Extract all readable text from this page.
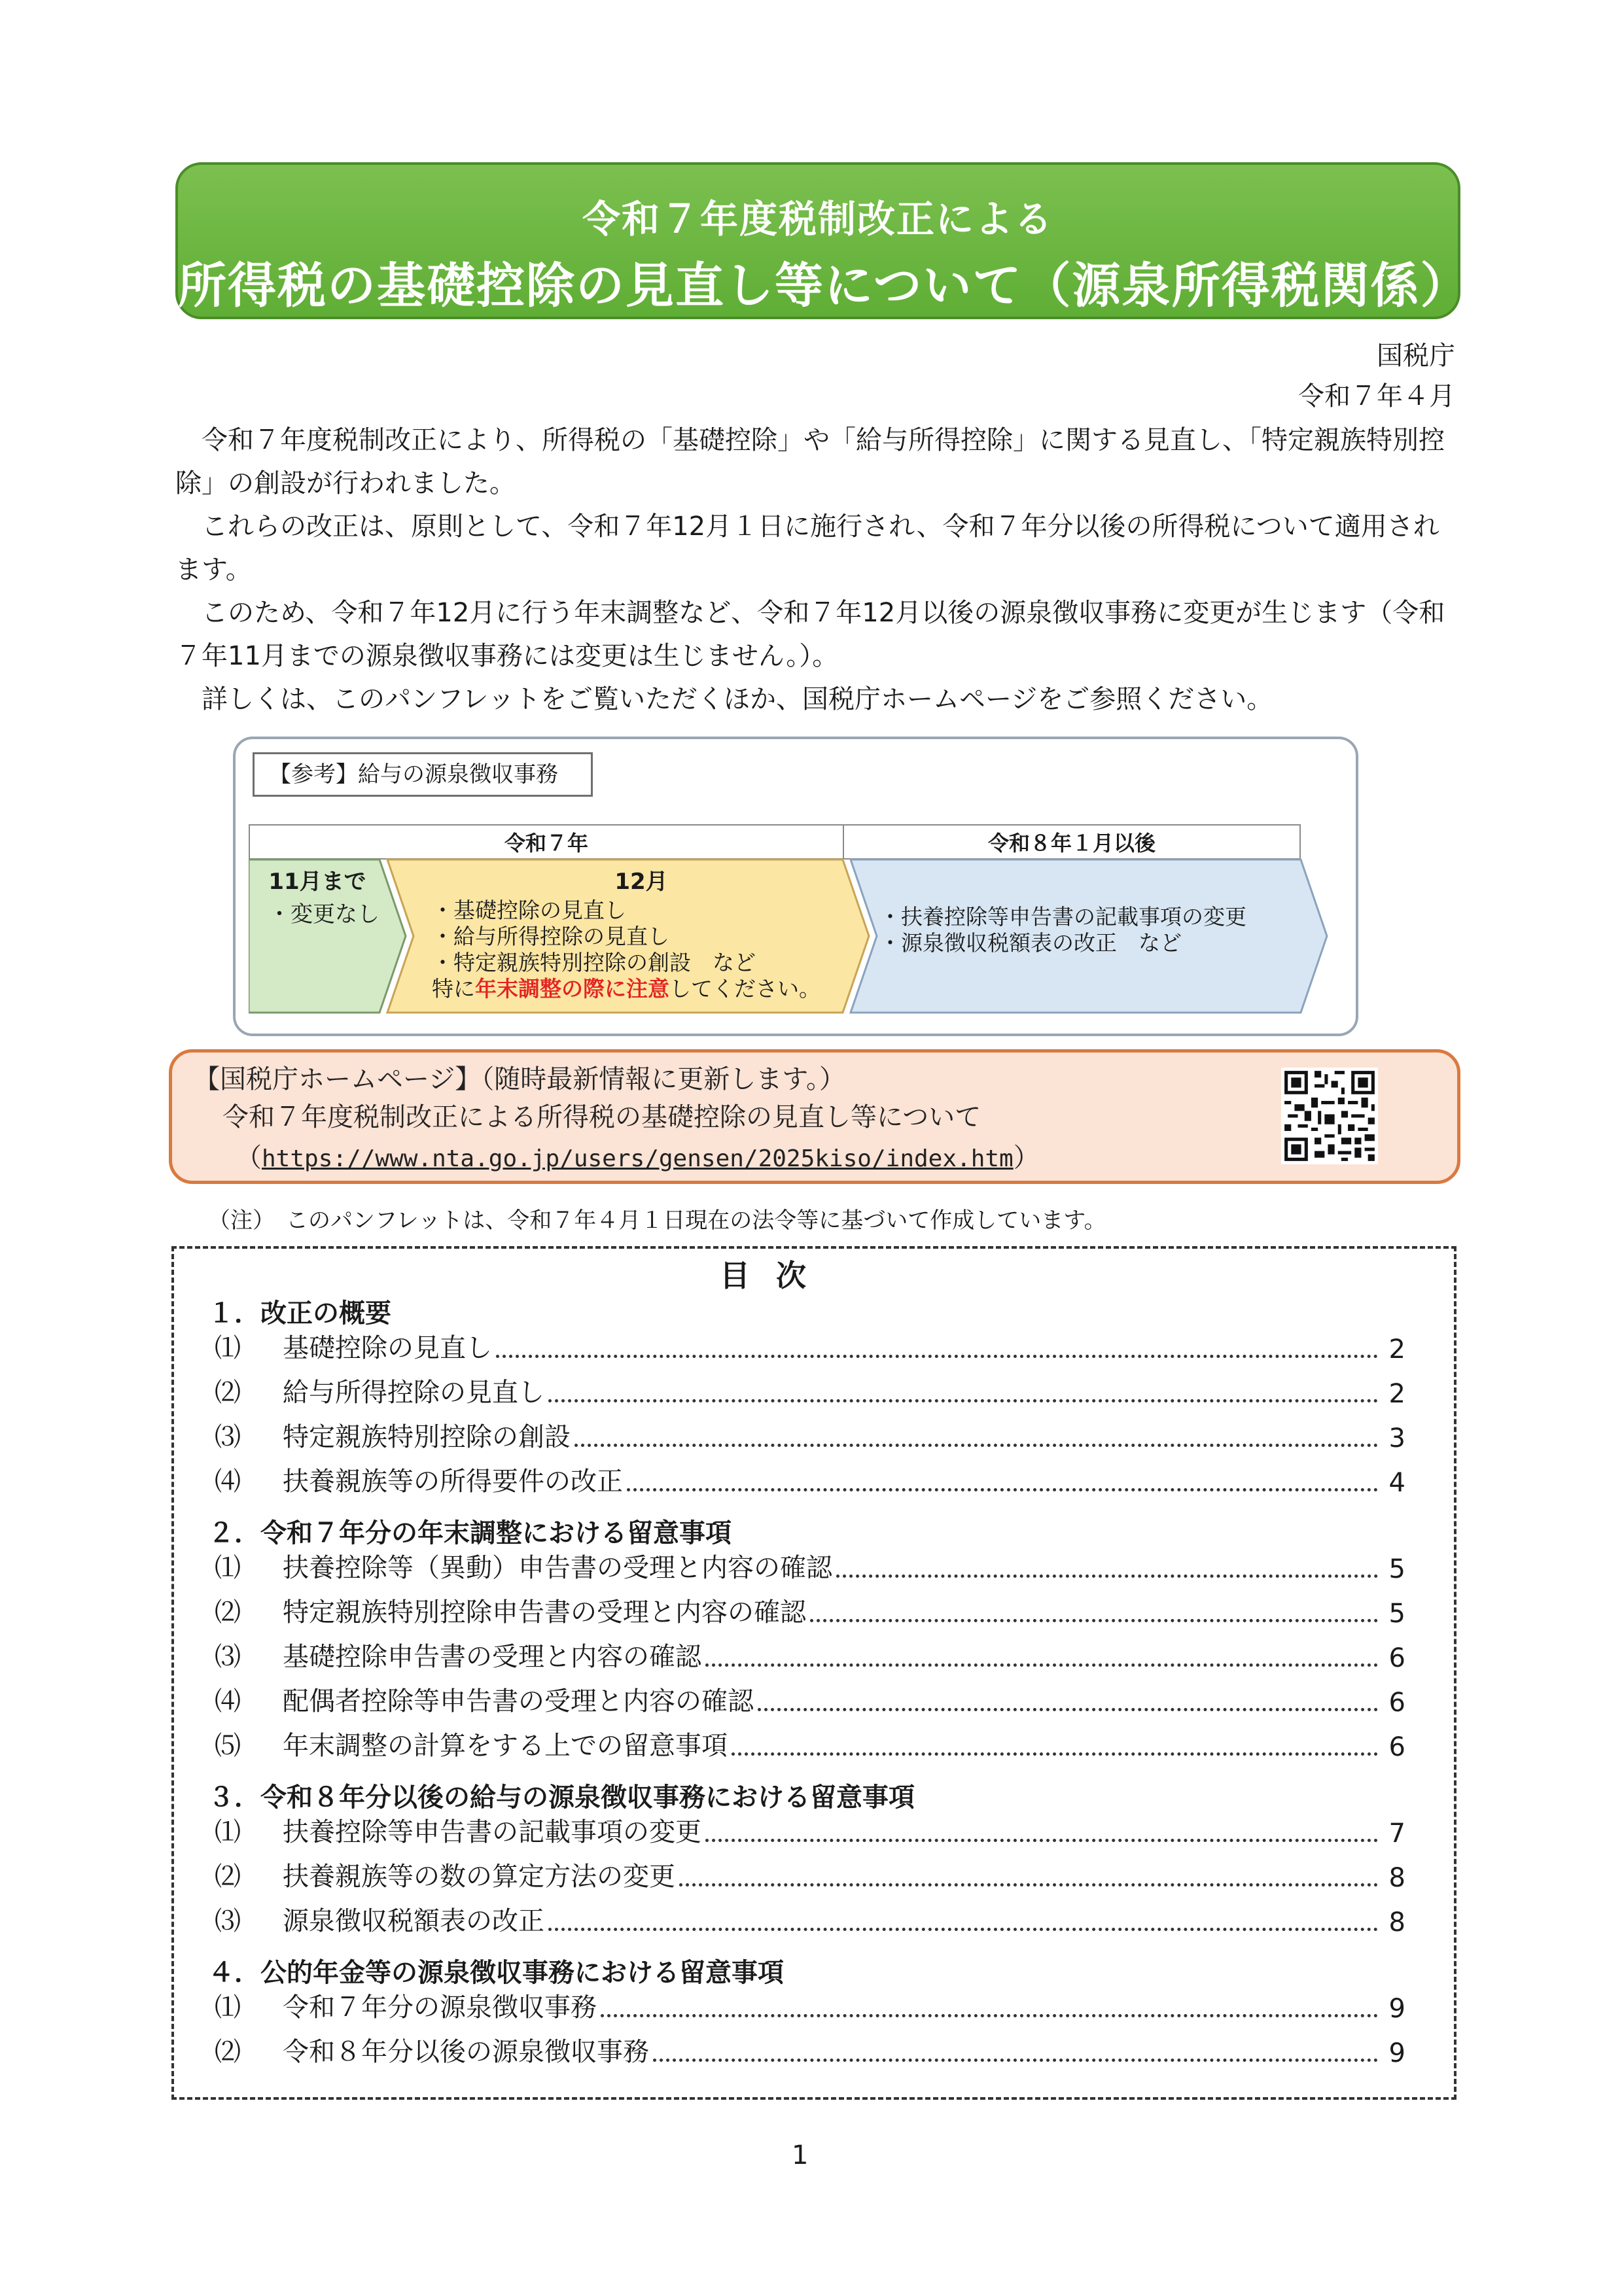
令和７年度税制改正による
所得税の基礎控除の見直し等について（源泉所得税関係）
国税庁
令和７年４月

令和７年度税制改正により、所得税の「基礎控除」や「給与所得控除」に関する見直し、「特定親族特別控除」の創設が行われました。

これらの改正は、原則として、令和７年12月１日に施行され、令和７年分以後の所得税について適用されます。

このため、令和７年12月に行う年末調整など、令和７年12月以後の源泉徴収事務に変更が生じます（令和７年11月までの源泉徴収事務には変更は生じません。）。

詳しくは、このパンフレットをご覧いただくほか、国税庁ホームページをご参照ください。

【参考】給与の源泉徴収事務
令和７年	令和８年１月以後
11月まで
・変更なし
12月
・基礎控除の見直し
・給与所得控除の見直し
・特定親族特別控除の創設　など
特に年末調整の際に注意してください。
・扶養控除等申告書の記載事項の変更
・源泉徴収税額表の改正　など
【国税庁ホームページ】（随時最新情報に更新します。）
令和７年度税制改正による所得税の基礎控除の見直し等について
（https://www.nta.go.jp/users/gensen/2025kiso/index.htm）
（注）　このパンフレットは、令和７年４月１日現在の法令等に基づいて作成しています。
目次
１．改正の概要
⑴	基礎控除の見直し	2
⑵	給与所得控除の見直し	2
⑶	特定親族特別控除の創設	3
⑷	扶養親族等の所得要件の改正	4
２．令和７年分の年末調整における留意事項
⑴	扶養控除等（異動）申告書の受理と内容の確認	5
⑵	特定親族特別控除申告書の受理と内容の確認	5
⑶	基礎控除申告書の受理と内容の確認	6
⑷	配偶者控除等申告書の受理と内容の確認	6
⑸	年末調整の計算をする上での留意事項	6
３．令和８年分以後の給与の源泉徴収事務における留意事項
⑴	扶養控除等申告書の記載事項の変更	7
⑵	扶養親族等の数の算定方法の変更	8
⑶	源泉徴収税額表の改正	8
４．公的年金等の源泉徴収事務における留意事項
⑴	令和７年分の源泉徴収事務	9
⑵	令和８年分以後の源泉徴収事務	9
1
